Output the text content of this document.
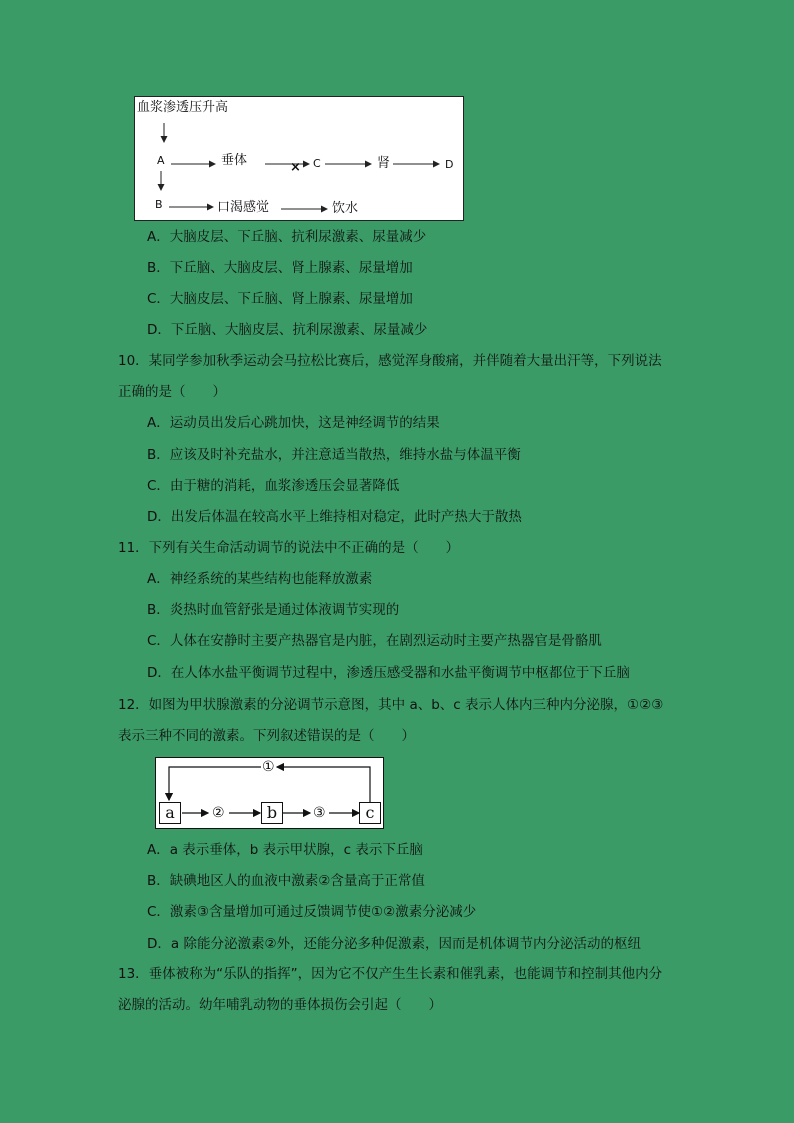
血浆渗透压升高
A	垂体	× C	肾	D
B	口渴感觉	饮水
A．大脑皮层、下丘脑、抗利尿激素、尿量减少
B．下丘脑、大脑皮层、肾上腺素、尿量增加
C．大脑皮层、下丘脑、肾上腺素、尿量增加
D．下丘脑、大脑皮层、抗利尿激素、尿量减少
10．某同学参加秋季运动会马拉松比赛后，感觉浑身酸痛，并伴随着大量出汗等，下列说法
正确的是（　　）
A．运动员出发后心跳加快，这是神经调节的结果
B．应该及时补充盐水，并注意适当散热，维持水盐与体温平衡
C．由于糖的消耗，血浆渗透压会显著降低
D．出发后体温在较高水平上维持相对稳定，此时产热大于散热
11．下列有关生命活动调节的说法中不正确的是（　　）
A．神经系统的某些结构也能释放激素
B．炎热时血管舒张是通过体液调节实现的
C．人体在安静时主要产热器官是内脏，在剧烈运动时主要产热器官是骨骼肌
D．在人体水盐平衡调节过程中，渗透压感受器和水盐平衡调节中枢都位于下丘脑
12．如图为甲状腺激素的分泌调节示意图，其中 a、b、c 表示人体内三种内分泌腺，①②③
表示三种不同的激素。下列叙述错误的是（　　）
①
a	②	b	③	c
A．a 表示垂体，b 表示甲状腺，c 表示下丘脑
B．缺碘地区人的血液中激素②含量高于正常值
C．激素③含量增加可通过反馈调节使①②激素分泌减少
D．a 除能分泌激素②外，还能分泌多种促激素，因而是机体调节内分泌活动的枢纽
13．垂体被称为“乐队的指挥”，因为它不仅产生生长素和催乳素，也能调节和控制其他内分
泌腺的活动。幼年哺乳动物的垂体损伤会引起（　　）
